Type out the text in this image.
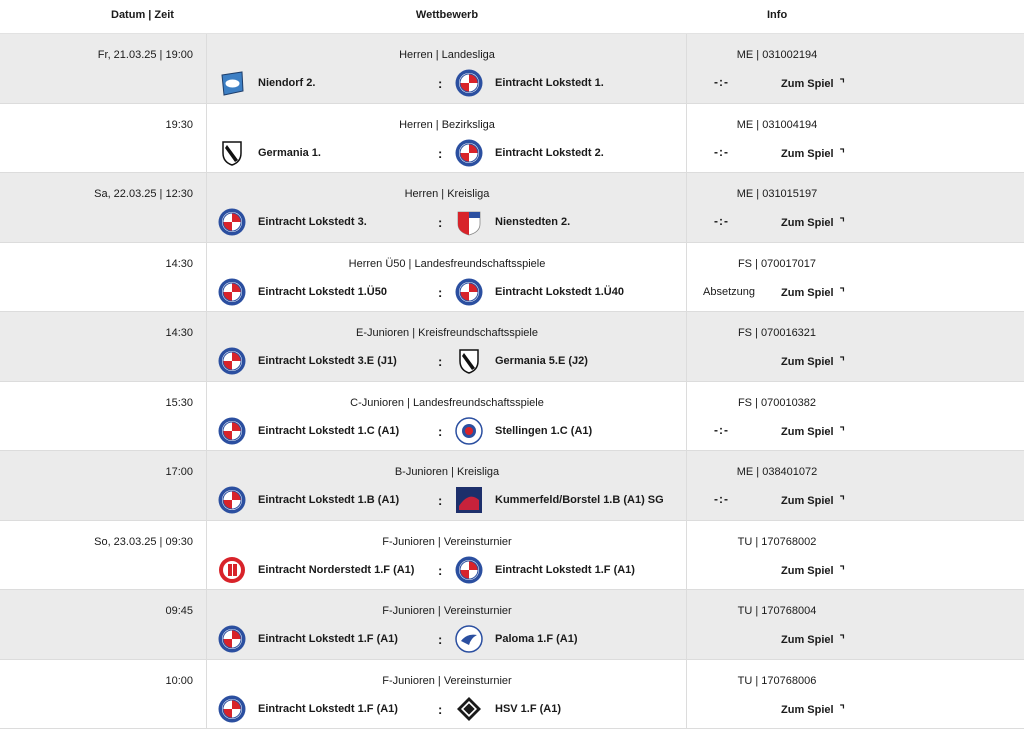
Datum | Zeit	Wettbewerb	Info
Fr, 21.03.25 | 19:00	Herren | Landesliga
Niendorf 2.	:	Eintracht Lokstedt 1.
ME | 031002194
-:-	Zum Spiel ⌝
19:30	Herren | Bezirksliga
Germania 1.	:	Eintracht Lokstedt 2.
ME | 031004194
-:-	Zum Spiel ⌝
Sa, 22.03.25 | 12:30	Herren | Kreisliga
Eintracht Lokstedt 3.	:	Nienstedten 2.
ME | 031015197
-:-	Zum Spiel ⌝
14:30	Herren Ü50 | Landesfreundschaftsspiele
Eintracht Lokstedt 1.Ü50	:	Eintracht Lokstedt 1.Ü40
FS | 070017017
Absetzung Zum Spiel ⌝
14:30	E-Junioren | Kreisfreundschaftsspiele
Eintracht Lokstedt 3.E (J1)	:	Germania 5.E (J2)
FS | 070016321
Zum Spiel ⌝
15:30	C-Junioren | Landesfreundschaftsspiele
Eintracht Lokstedt 1.C (A1)	:	Stellingen 1.C (A1)
FS | 070010382
-:-	Zum Spiel ⌝
17:00	B-Junioren | Kreisliga
Eintracht Lokstedt 1.B (A1)	:	Kummerfeld/Borstel 1.B (A1) SG
ME | 038401072
-:-	Zum Spiel ⌝
So, 23.03.25 | 09:30	F-Junioren | Vereinsturnier
Eintracht Norderstedt 1.F (A1) :	Eintracht Lokstedt 1.F (A1)
TU | 170768002
Zum Spiel ⌝
09:45	F-Junioren | Vereinsturnier
Eintracht Lokstedt 1.F (A1)	:	Paloma 1.F (A1)
TU | 170768004
Zum Spiel ⌝
10:00	F-Junioren | Vereinsturnier
Eintracht Lokstedt 1.F (A1)	:	HSV 1.F (A1)
TU | 170768006
Zum Spiel ⌝
